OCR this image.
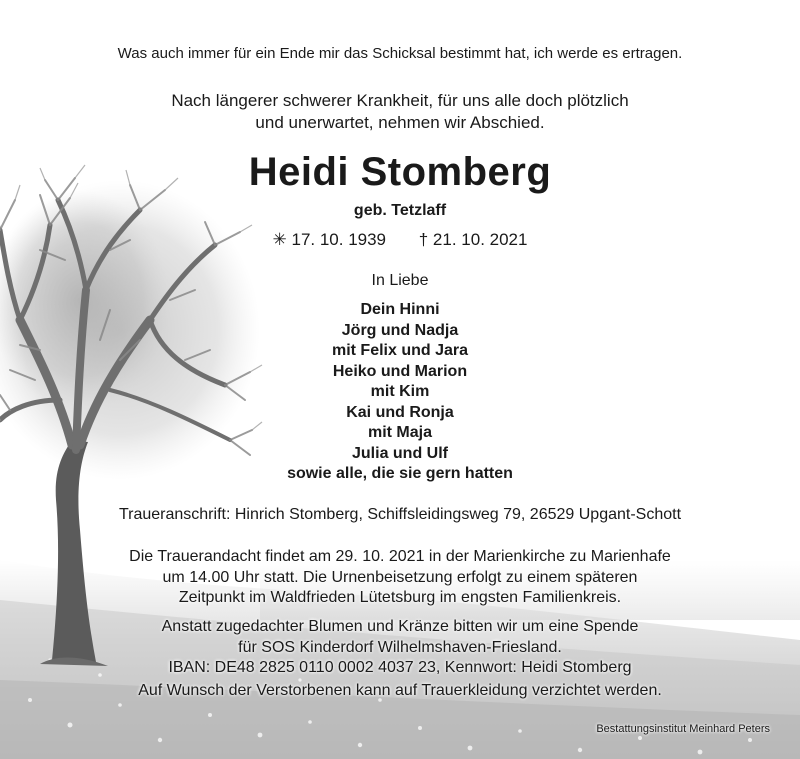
Was auch immer für ein Ende mir das Schicksal bestimmt hat, ich werde es ertragen.
Nach längerer schwerer Krankheit, für uns alle doch plötzlich
und unerwartet, nehmen wir Abschied.
Heidi Stomberg
geb. Tetzlaff
✳ 17. 10. 1939 † 21. 10. 2021
In Liebe
Dein Hinni
Jörg und Nadja
mit Felix und Jara
Heiko und Marion
mit Kim
Kai und Ronja
mit Maja
Julia und Ulf
sowie alle, die sie gern hatten
Traueranschrift: Hinrich Stomberg, Schiffsleidingsweg 79, 26529 Upgant-Schott
Die Trauerandacht findet am 29. 10. 2021 in der Marienkirche zu Marienhafe
um 14.00 Uhr statt. Die Urnenbeisetzung erfolgt zu einem späteren
Zeitpunkt im Waldfrieden Lütetsburg im engsten Familienkreis.
Anstatt zugedachter Blumen und Kränze bitten wir um eine Spende
für SOS Kinderdorf Wilhelmshaven-Friesland.
IBAN: DE48 2825 0110 0002 4037 23, Kennwort: Heidi Stomberg
Auf Wunsch der Verstorbenen kann auf Trauerkleidung verzichtet werden.
Bestattungsinstitut Meinhard Peters
